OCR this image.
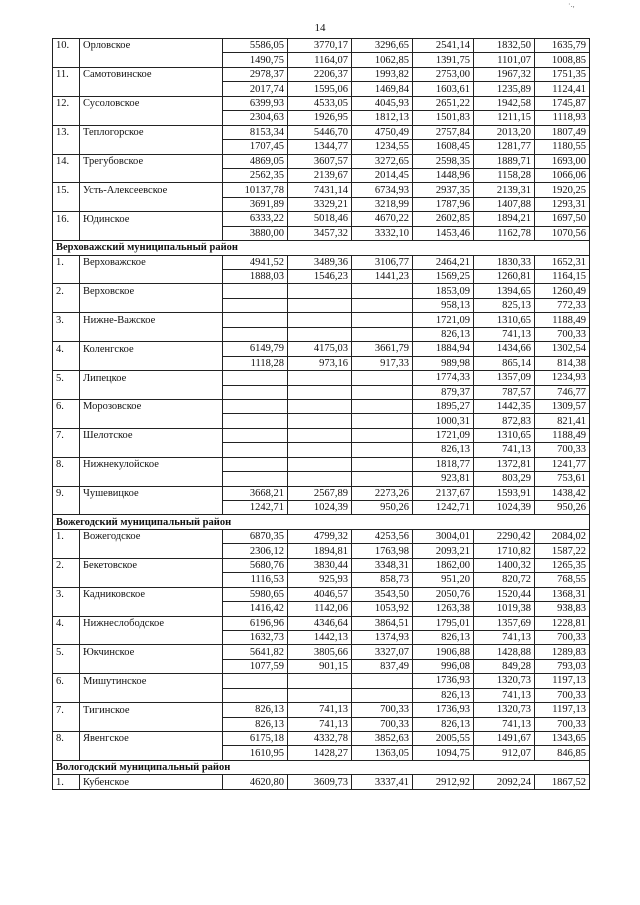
14
10.	Орловское	5586,05	3770,17	3296,65	2541,14	1832,50	1635,79
		1490,75	1164,07	1062,85	1391,75	1101,07	1008,85
11.	Самотовинское	2978,37	2206,37	1993,82	2753,00	1967,32	1751,35
		2017,74	1595,06	1469,84	1603,61	1235,89	1124,41
12.	Сусоловское	6399,93	4533,05	4045,93	2651,22	1942,58	1745,87
		2304,63	1926,95	1812,13	1501,83	1211,15	1118,93
13.	Теплогорское	8153,34	5446,70	4750,49	2757,84	2013,20	1807,49
		1707,45	1344,77	1234,55	1608,45	1281,77	1180,55
14.	Трегубовское	4869,05	3607,57	3272,65	2598,35	1889,71	1693,00
		2562,35	2139,67	2014,45	1448,96	1158,28	1066,06
15.	Усть-Алексеевское	10137,78	7431,14	6734,93	2937,35	2139,31	1920,25
		3691,89	3329,21	3218,99	1787,96	1407,88	1293,31
16.	Юдинское	6333,22	5018,46	4670,22	2602,85	1894,21	1697,50
		3880,00	3457,32	3332,10	1453,46	1162,78	1070,56
Верховажский муниципальный район							
1.	Верховажское	4941,52	3489,36	3106,77	2464,21	1830,33	1652,31
		1888,03	1546,23	1441,23	1569,25	1260,81	1164,15
2.	Верховское				1853,09	1394,65	1260,49
					958,13	825,13	772,33
3.	Нижне-Важское				1721,09	1310,65	1188,49
					826,13	741,13	700,33
4.	Коленгское	6149,79	4175,03	3661,79	1884,94	1434,66	1302,54
		1118,28	973,16	917,33	989,98	865,14	814,38
5.	Липецкое				1774,33	1357,09	1234,93
					879,37	787,57	746,77
6.	Морозовское				1895,27	1442,35	1309,57
					1000,31	872,83	821,41
7.	Шелотское				1721,09	1310,65	1188,49
					826,13	741,13	700,33
8.	Нижнекулойское				1818,77	1372,81	1241,77
					923,81	803,29	753,61
9.	Чушевицкое	3668,21	2567,89	2273,26	2137,67	1593,91	1438,42
		1242,71	1024,39	950,26	1242,71	1024,39	950,26
Вожегодский муниципальный район							
1.	Вожегодское	6870,35	4799,32	4253,56	3004,01	2290,42	2084,02
		2306,12	1894,81	1763,98	2093,21	1710,82	1587,22
2.	Бекетовское	5680,76	3830,44	3348,31	1862,00	1400,32	1265,35
		1116,53	925,93	858,73	951,20	820,72	768,55
3.	Кадниковское	5980,65	4046,57	3543,50	2050,76	1520,44	1368,31
		1416,42	1142,06	1053,92	1263,38	1019,38	938,83
4.	Нижнеслободское	6196,96	4346,64	3864,51	1795,01	1357,69	1228,81
		1632,73	1442,13	1374,93	826,13	741,13	700,33
5.	Юкчинское	5641,82	3805,66	3327,07	1906,88	1428,88	1289,83
		1077,59	901,15	837,49	996,08	849,28	793,03
6.	Мишутинское				1736,93	1320,73	1197,13
					826,13	741,13	700,33
7.	Тигинское	826,13	741,13	700,33	1736,93	1320,73	1197,13
		826,13	741,13	700,33	826,13	741,13	700,33
8.	Явенгское	6175,18	4332,78	3852,63	2005,55	1491,67	1343,65
		1610,95	1428,27	1363,05	1094,75	912,07	846,85
Вологодский муниципальный район							
1.	Кубенское	4620,80	3609,73	3337,41	2912,92	2092,24	1867,52
·.,
